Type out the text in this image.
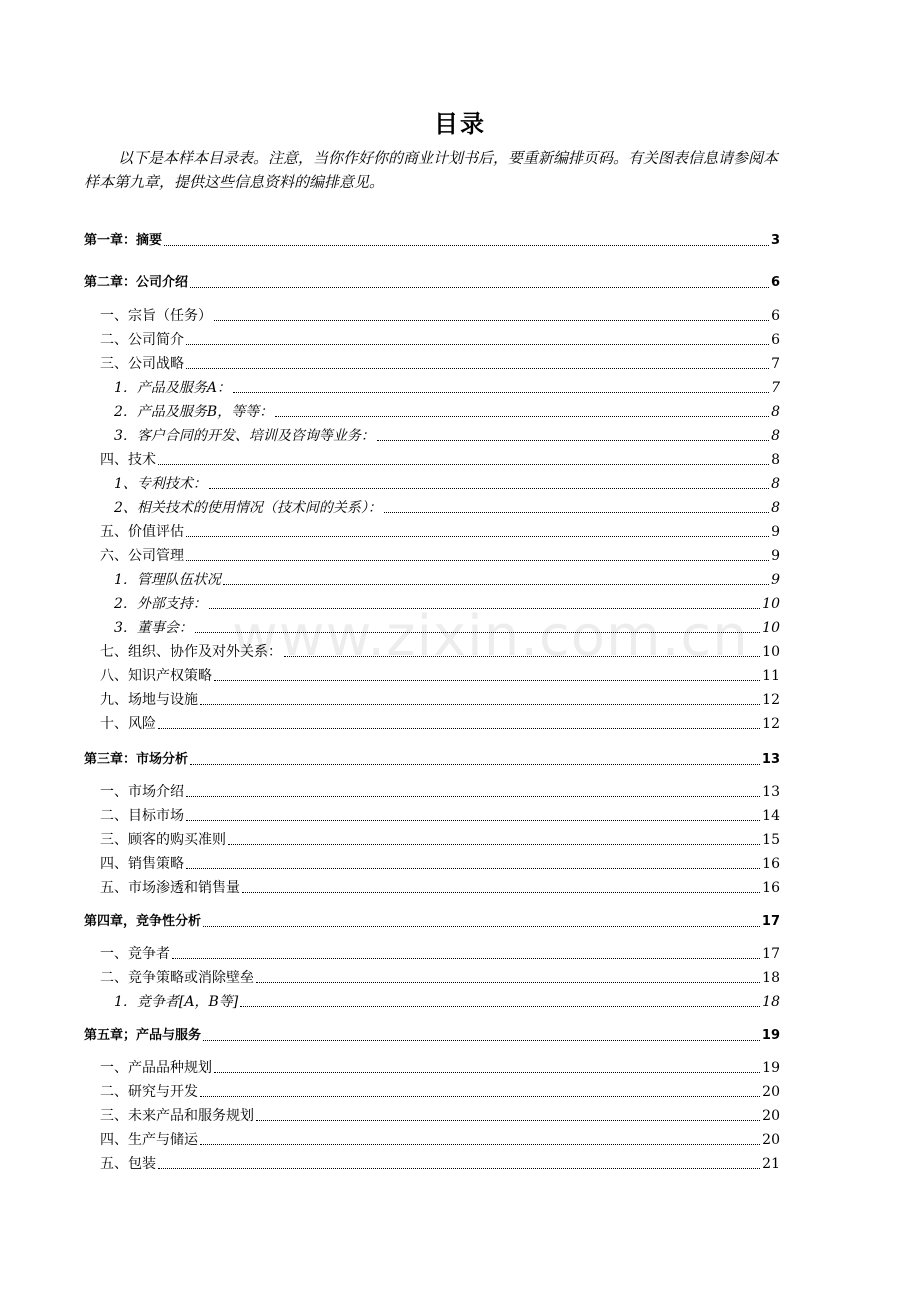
目录
以下是本样本目录表。注意，当你作好你的商业计划书后，要重新编排页码。有关图表信息请参阅本样本第九章，提供这些信息资料的编排意见。
www.zixin.com.cn
第一章：摘要	3
第二章：公司介绍	6
一、宗旨（任务）	6
二、公司简介	6
三、公司战略	7
1．产品及服务A：	7
2．产品及服务B，等等：	8
3．客户合同的开发、培训及咨询等业务：	8
四、技术	8
1、专利技术：	8
2、相关技术的使用情况（技术间的关系）：	8
五、价值评估	9
六、公司管理	9
1．管理队伍状况	9
2．外部支持：	10
3．董事会：	10
七、组织、协作及对外关系：	10
八、知识产权策略	11
九、场地与设施	12
十、风险	12
第三章：市场分析	13
一、市场介绍	13
二、目标市场	14
三、顾客的购买准则	15
四、销售策略	16
五、市场渗透和销售量	16
第四章，竞争性分析	17
一、竞争者	17
二、竞争策略或消除壁垒	18
1．竞争者[A，B等]	18
第五章；产品与服务	19
一、产品品种规划	19
二、研究与开发	20
三、未来产品和服务规划	20
四、生产与储运	20
五、包装	21
